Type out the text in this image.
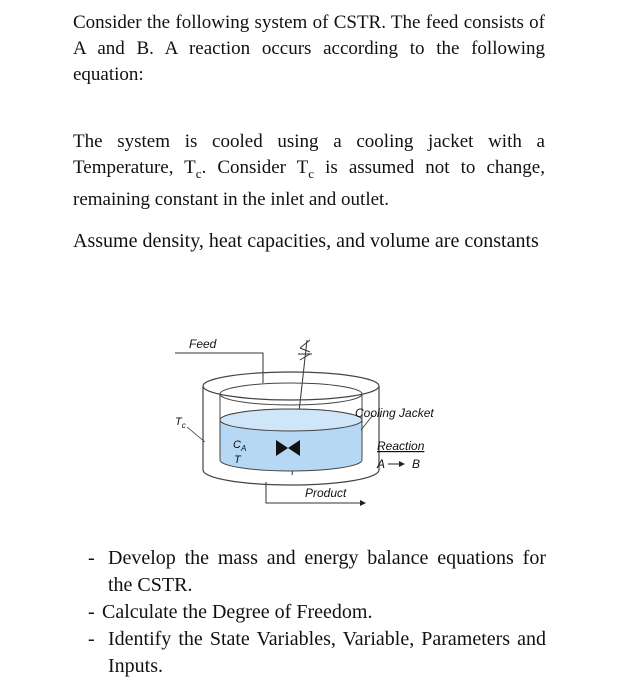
Consider the following system of CSTR. The feed consists of A and B. A reaction occurs according to the following equation:
The system is cooled using a cooling jacket with a Temperature, $T_c$. Consider $T_c$ is assumed not to change, remaining constant in the inlet and outlet.
Assume density, heat capacities, and volume are constants
Feed
$C_A$
T
$T_c$
Cooling Jacket
Reaction
A B
Product
- Develop the mass and energy balance equations for the CSTR.
- Calculate the Degree of Freedom.
- Identify the State Variables, Variable, Parameters and Inputs.
